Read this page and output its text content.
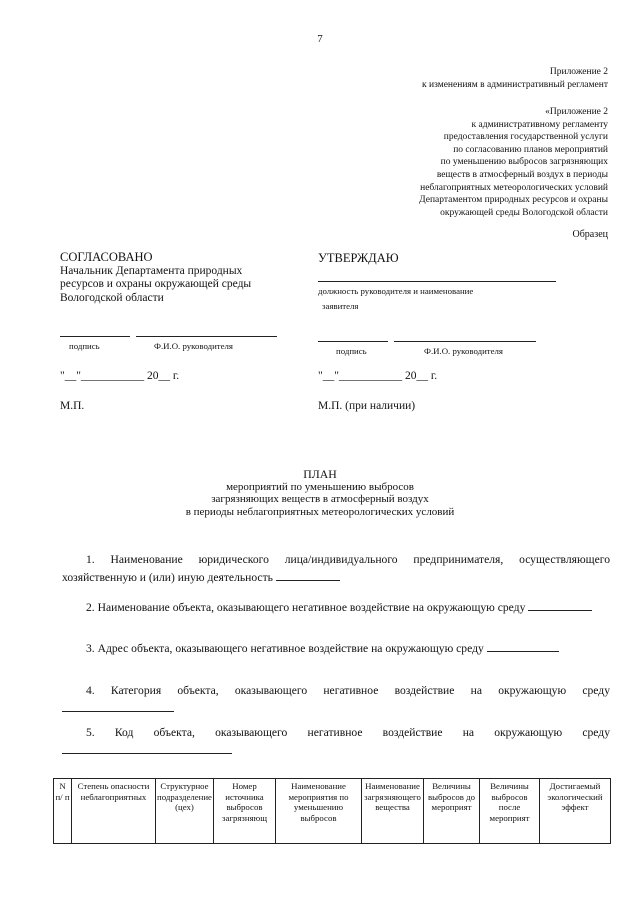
7
Приложение 2
к изменениям в административный регламент
«Приложение 2
к административному регламенту
предоставления государственной услуги
по согласованию планов мероприятий
по уменьшению выбросов загрязняющих
веществ в атмосферный воздух в периоды
неблагоприятных метеорологических условий
Департаментом природных ресурсов и охраны
окружающей среды Вологодской области
Образец
СОГЛАСОВАНО
Начальник Департамента природных
ресурсов и охраны окружающей среды
Вологодской области
подпись	Ф.И.О. руководителя
"__"___________ 20__ г.
М.П.
УТВЕРЖДАЮ
должность руководителя и наименование
заявителя
подпись	Ф.И.О. руководителя
"__"___________ 20__ г.
М.П. (при наличии)
ПЛАН
мероприятий по уменьшению выбросов
загрязняющих веществ в атмосферный воздух
в периоды неблагоприятных метеорологических условий
1. Наименование юридического лица/индивидуального предпринимателя, осуществляющего хозяйственную и (или) иную деятельность
2. Наименование объекта, оказывающего негативное воздействие на окружающую среду
3. Адрес объекта, оказывающего негативное воздействие на окружающую среду
4. Категория объекта, оказывающего негативное воздействие на окружающую среду
5. Код объекта, оказывающего негативное воздействие на окружающую среду
N п/ п	Степень опасности неблагоприятных	Структурное подразделение (цех)	Номер источника выбросов загрязняющ	Наименование мероприятия по уменьшению выбросов	Наименование загрязняющего вещества	Величины выбросов до мероприят	Величины выбросов после мероприят	Достигаемый экологический эффект
